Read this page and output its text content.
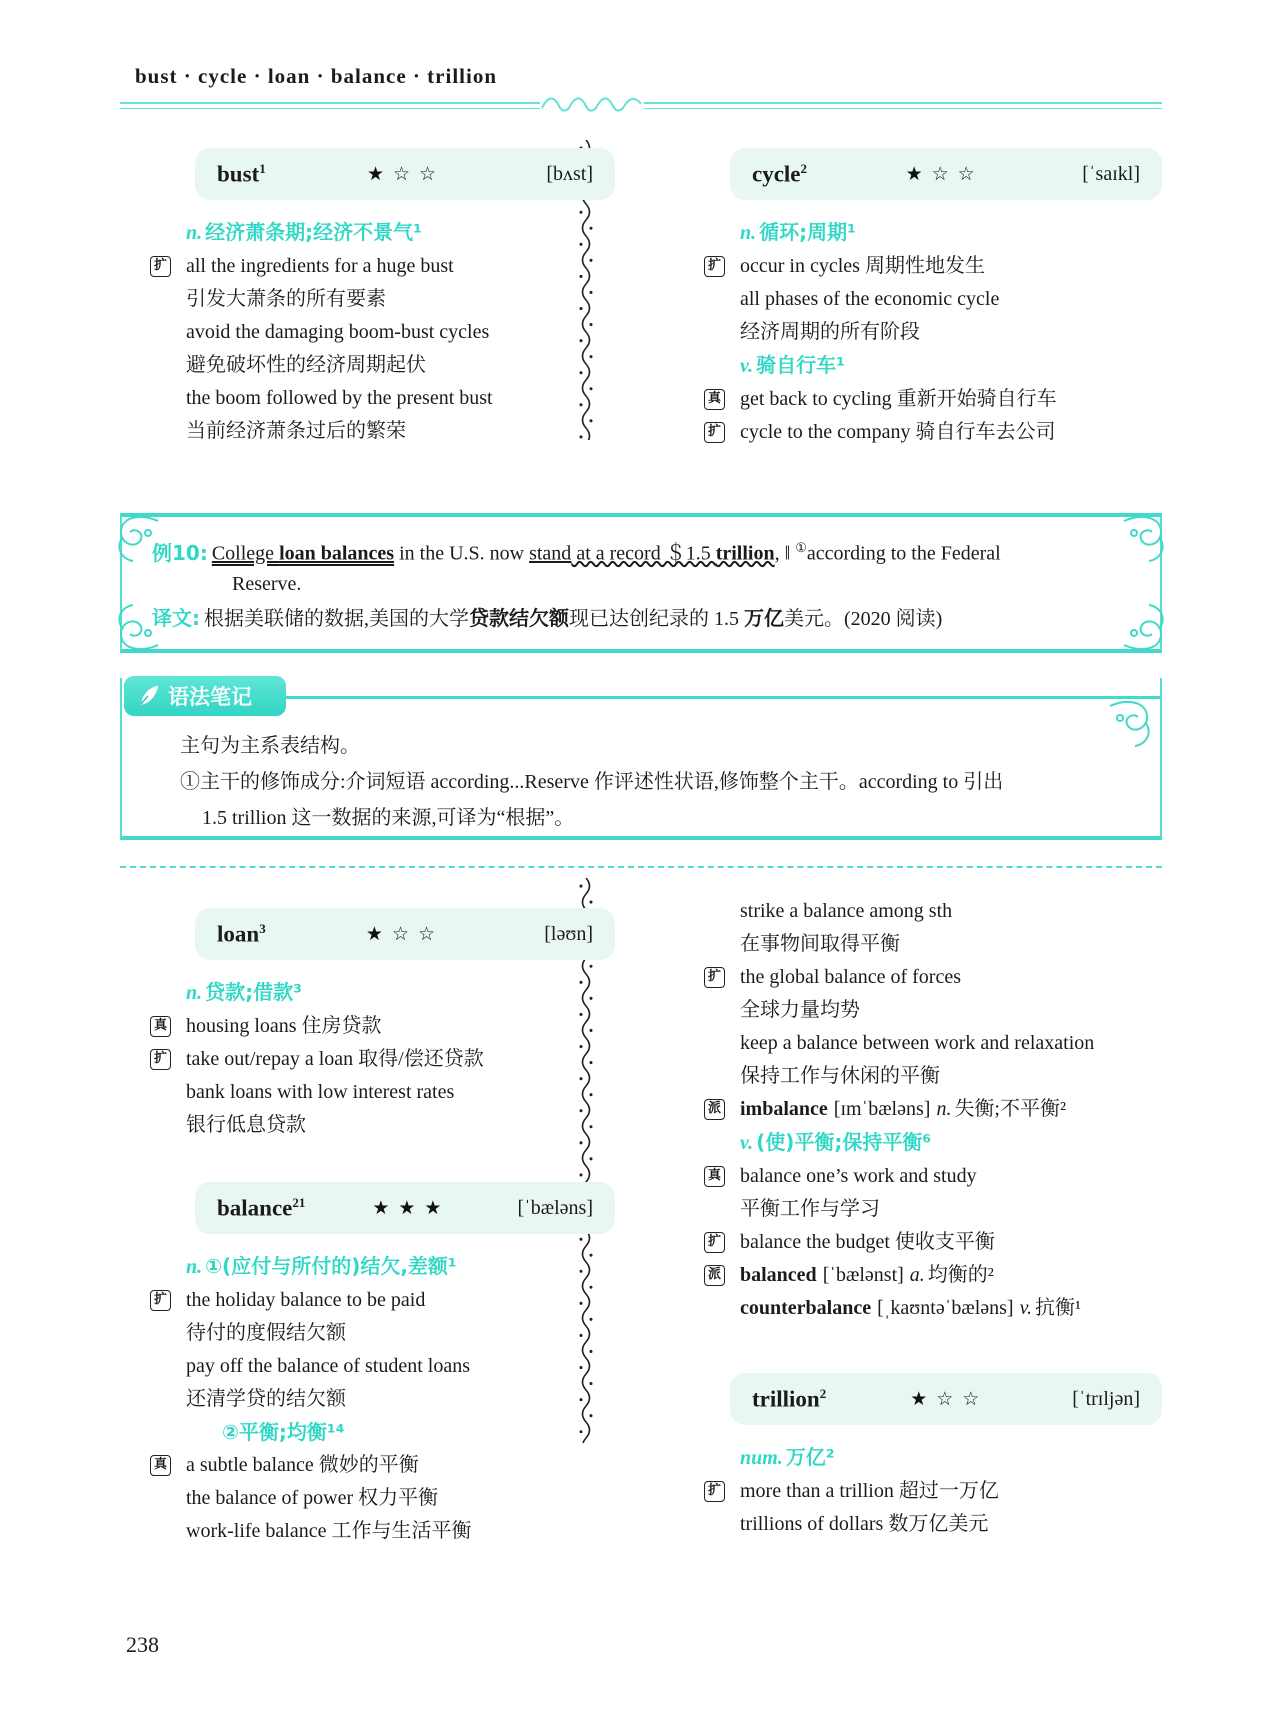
bust · cycle · loan · balance · trillion
bust$^1$	★☆☆	[bʌst]
n. 经济萧条期;经济不景气¹
扩 all the ingredients for a huge bust
引发大萧条的所有要素
avoid the damaging boom-bust cycles
避免破坏性的经济周期起伏
the boom followed by the present bust
当前经济萧条过后的繁荣
cycle$^2$	★☆☆	[ˈsaɪkl]
n. 循环;周期¹
扩 occur in cycles 周期性地发生
all phases of the economic cycle
经济周期的所有阶段
v. 骑自行车¹
真 get back to cycling 重新开始骑自行车
扩 cycle to the company 骑自行车去公司
例10: College loan balances in the U.S. now stand at a record ＄1.5 trillion, ‖ ①according to the Federal
Reserve.
译文: 根据美联储的数据,美国的大学贷款结欠额现已达创纪录的 1.5 万亿美元。(2020 阅读)
语法笔记
主句为主系表结构。
①主干的修饰成分:介词短语 according...Reserve 作评述性状语,修饰整个主干。according to 引出
1.5 trillion 这一数据的来源,可译为“根据”。
loan$^3$	★☆☆	[ləʊn]
n. 贷款;借款³
真 housing loans 住房贷款
扩 take out/repay a loan 取得/偿还贷款
bank loans with low interest rates
银行低息贷款
balance$^{21}$	★★★	[ˈbæləns]
n. ①(应付与所付的)结欠,差额¹
扩 the holiday balance to be paid
待付的度假结欠额
pay off the balance of student loans
还清学贷的结欠额
②平衡;均衡¹⁴
真 a subtle balance 微妙的平衡
the balance of power 权力平衡
work-life balance 工作与生活平衡
strike a balance among sth
在事物间取得平衡
扩 the global balance of forces
全球力量均势
keep a balance between work and relaxation
保持工作与休闲的平衡
派 imbalance [ɪmˈbæləns] n. 失衡;不平衡²
v. (使)平衡;保持平衡⁶
真 balance one’s work and study
平衡工作与学习
扩 balance the budget 使收支平衡
派 balanced [ˈbælənst] a. 均衡的²
counterbalance [ˌkaʊntəˈbæləns] v. 抗衡¹
trillion$^2$	★☆☆	[ˈtrɪljən]
num. 万亿²
扩 more than a trillion 超过一万亿
trillions of dollars 数万亿美元
238
